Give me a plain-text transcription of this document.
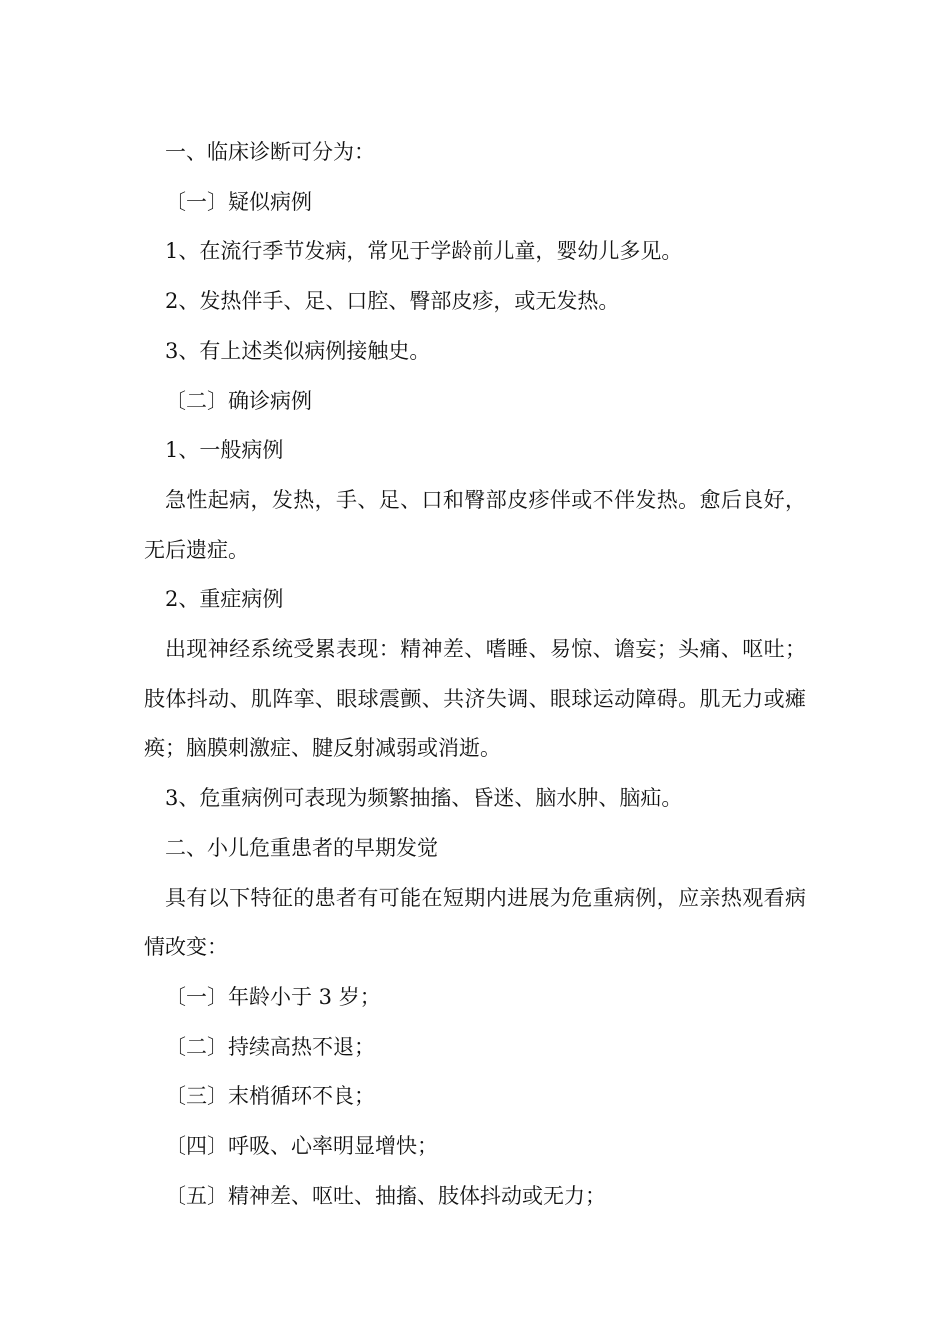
一、临床诊断可分为：

〔一〕疑似病例

1、在流行季节发病，常见于学龄前儿童，婴幼儿多见。

2、发热伴手、足、口腔、臀部皮疹，或无发热。

3、有上述类似病例接触史。

〔二〕确诊病例

1、一般病例

急性起病，发热，手、足、口和臀部皮疹伴或不伴发热。愈后良好，无后遗症。

2、重症病例

出现神经系统受累表现：精神差、嗜睡、易惊、谵妄；头痛、呕吐；肢体抖动、肌阵挛、眼球震颤、共济失调、眼球运动障碍。肌无力或瘫痪；脑膜刺激症、腱反射减弱或消逝。

3、危重病例可表现为频繁抽搐、昏迷、脑水肿、脑疝。

二、小儿危重患者的早期发觉

具有以下特征的患者有可能在短期内进展为危重病例，应亲热观看病情改变：

〔一〕年龄小于 3 岁；

〔二〕持续高热不退；

〔三〕末梢循环不良；

〔四〕呼吸、心率明显增快；

〔五〕精神差、呕吐、抽搐、肢体抖动或无力；
